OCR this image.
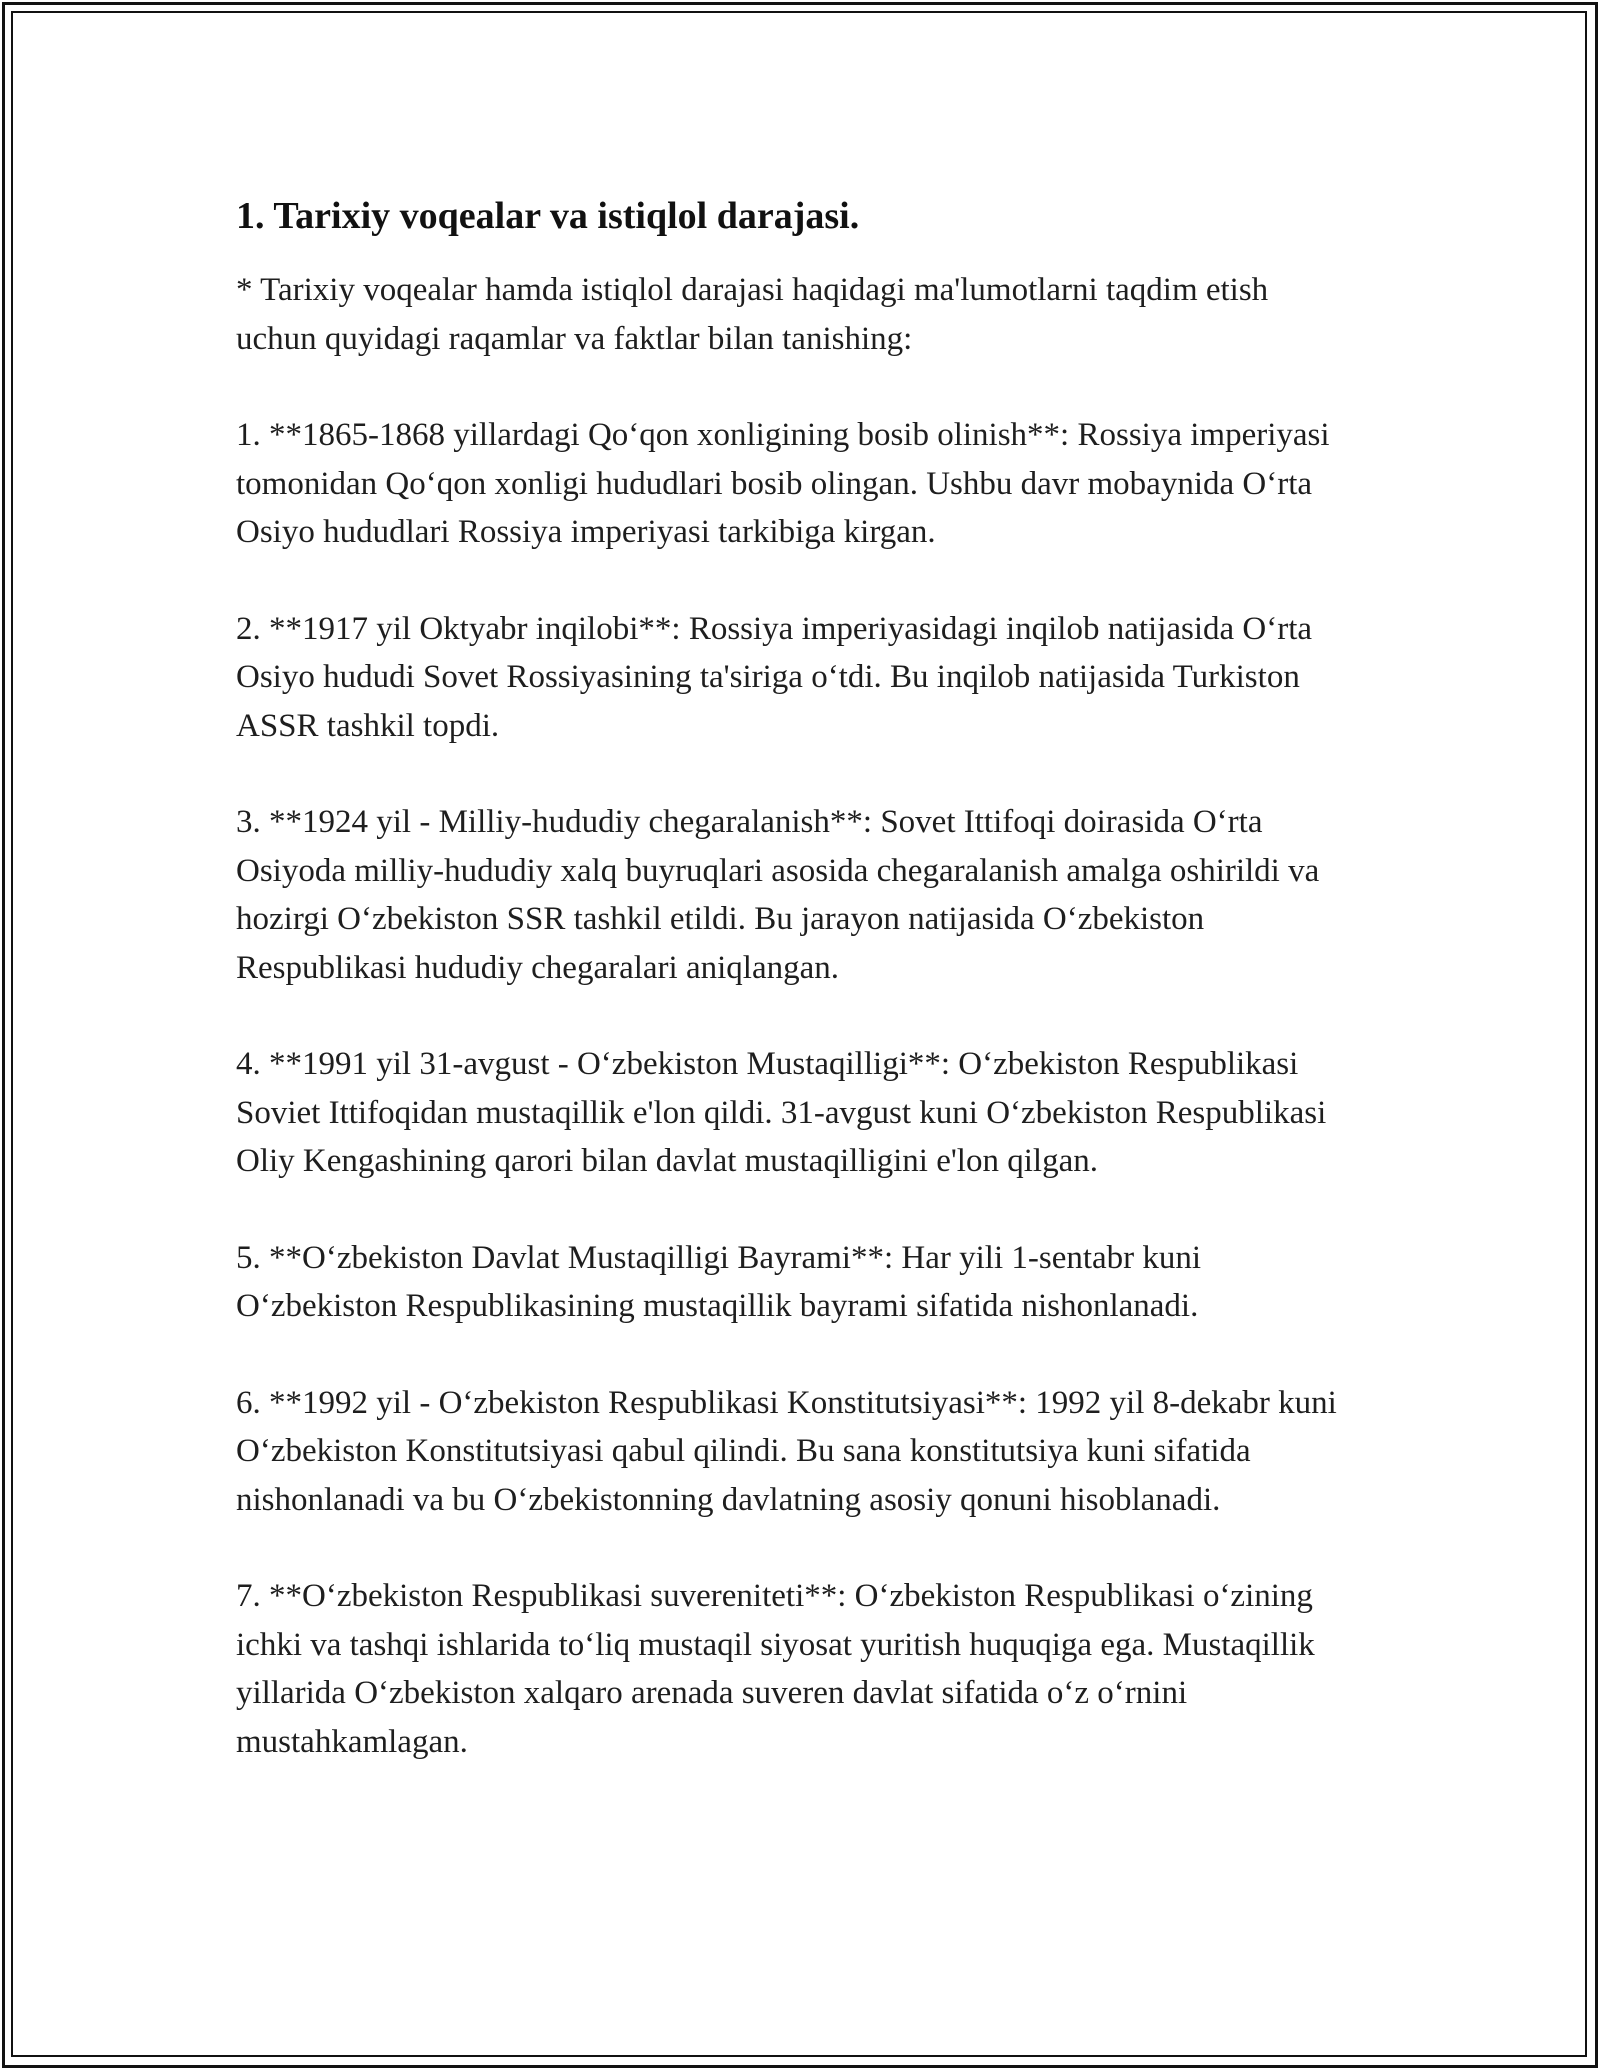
1. Tarixiy voqealar va istiqlol darajasi.

* Tarixiy voqealar hamda istiqlol darajasi haqidagi ma'lumotlarni taqdim etish uchun quyidagi raqamlar va faktlar bilan tanishing:

1. **1865-1868 yillardagi Qo‘qon xonligining bosib olinish**: Rossiya imperiyasi tomonidan Qo‘qon xonligi hududlari bosib olingan. Ushbu davr mobaynida O‘rta Osiyo hududlari Rossiya imperiyasi tarkibiga kirgan.

2. **1917 yil Oktyabr inqilobi**: Rossiya imperiyasidagi inqilob natijasida O‘rta Osiyo hududi Sovet Rossiyasining ta'siriga o‘tdi. Bu inqilob natijasida Turkiston ASSR tashkil topdi.

3. **1924 yil - Milliy-hududiy chegaralanish**: Sovet Ittifoqi doirasida O‘rta Osiyoda milliy-hududiy xalq buyruqlari asosida chegaralanish amalga oshirildi va hozirgi O‘zbekiston SSR tashkil etildi. Bu jarayon natijasida O‘zbekiston Respublikasi hududiy chegaralari aniqlangan.

4. **1991 yil 31-avgust - O‘zbekiston Mustaqilligi**: O‘zbekiston Respublikasi Soviet Ittifoqidan mustaqillik e'lon qildi. 31-avgust kuni O‘zbekiston Respublikasi Oliy Kengashining qarori bilan davlat mustaqilligini e'lon qilgan.

5. **O‘zbekiston Davlat Mustaqilligi Bayrami**: Har yili 1-sentabr kuni O‘zbekiston Respublikasining mustaqillik bayrami sifatida nishonlanadi.

6. **1992 yil - O‘zbekiston Respublikasi Konstitutsiyasi**: 1992 yil 8-dekabr kuni O‘zbekiston Konstitutsiyasi qabul qilindi. Bu sana konstitutsiya kuni sifatida nishonlanadi va bu O‘zbekistonning davlatning asosiy qonuni hisoblanadi.

7. **O‘zbekiston Respublikasi suvereniteti**: O‘zbekiston Respublikasi o‘zining ichki va tashqi ishlarida to‘liq mustaqil siyosat yuritish huquqiga ega. Mustaqillik yillarida O‘zbekiston xalqaro arenada suveren davlat sifatida o‘z o‘rnini mustahkamlagan.
